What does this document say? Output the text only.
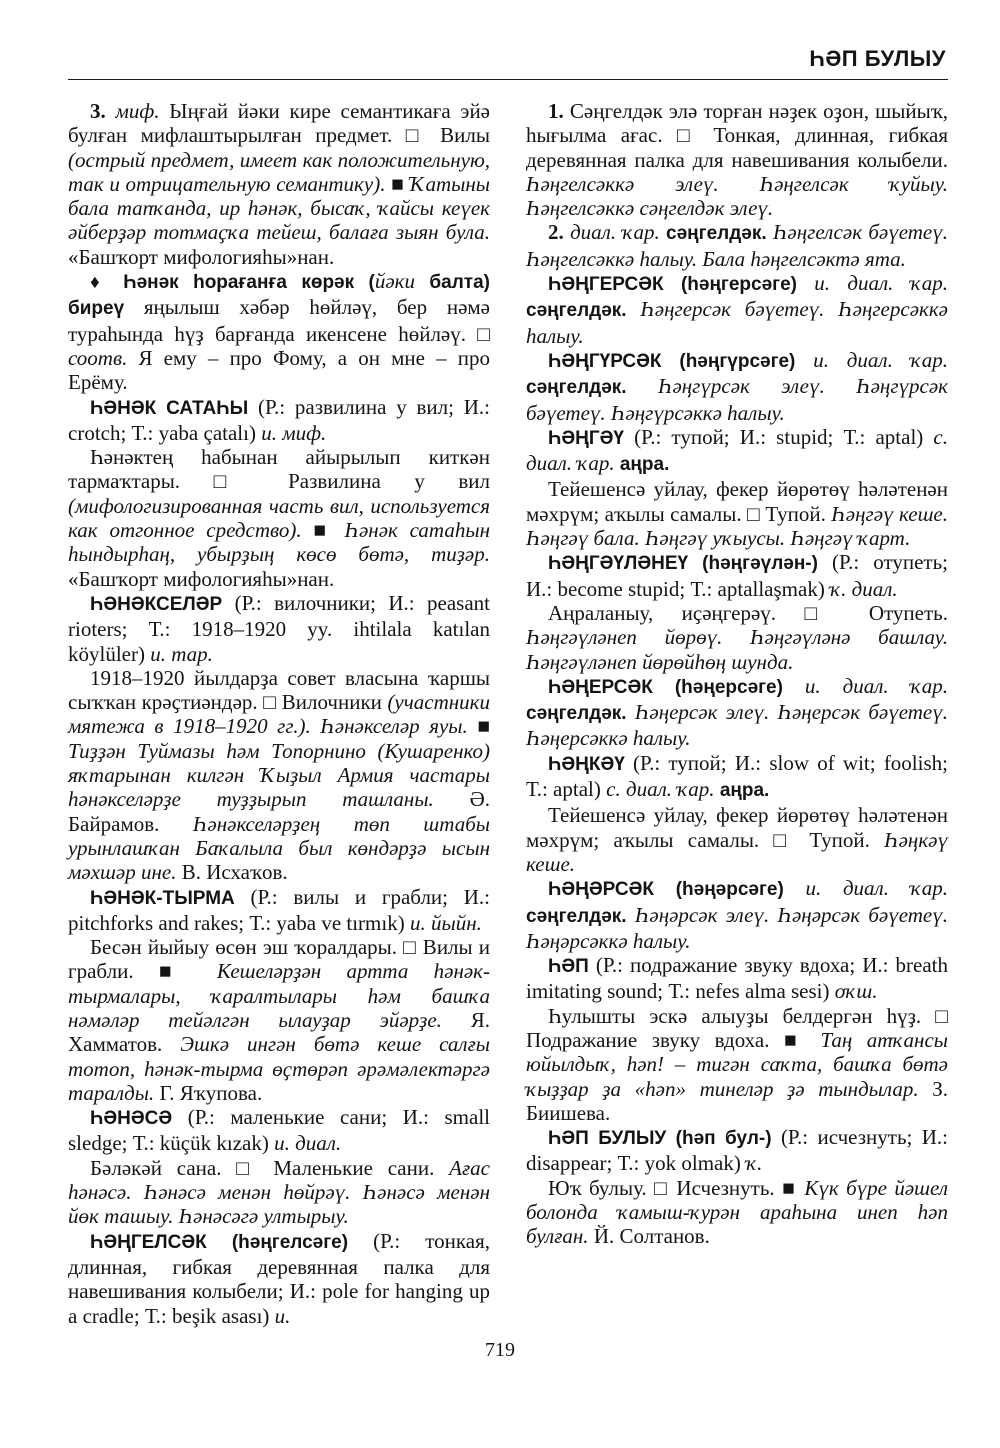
ҺӘП БУЛЫУ

3. миф. Ыңғай йәки кире семантикаға эйә булған мифлаштырылған предмет. □ Вилы (острый предмет, имеет как положительную, так и отрицательную семантику). ■ Ҡатыны бала тапҡанда, ир һәнәк, бысаҡ, ҡайсы кеүек әйберҙәр тотмаҫҡа тейеш, балаға зыян була. «Башҡорт мифологияһы»нан.

♦ Һәнәк һорағанға көрәк (йәки балта) биреү яңылыш хәбәр һөйләү, бер нәмә тураһында һүҙ барғанда икенсене һөйләү. □ соотв. Я ему – про Фому, а он мне – про Ерёму.

ҺӘНӘК САТАҺЫ (Р.: развилина у вил; И.: crotch; Т.: yaba çatalı) и. миф.

Һәнәктең һабынан айырылып киткән тармаҡтары. □ Развилина у вил (мифологизированная часть вил, используется как отгонное средство). ■ Һәнәк сатаһын һындырһаң, убырҙың көсө бөтә, тиҙәр. «Башҡорт мифологияһы»нан.

ҺӘНӘКСЕЛӘР (Р.: вилочники; И.: peasant rioters; Т.: 1918–1920 yy. ihtilala katılan köylüler) и. тар.

1918–1920 йылдарҙа совет власына ҡаршы сыҡҡан крәҫтиәндәр. □ Вилочники (участники мятежа в 1918–1920 гг.). Һәнәкселәр яуы. ■ Тиҙҙән Туймазы һәм Топорнино (Кушаренко) яҡтарынан килгән Ҡыҙыл Армия частары һәнәкселәрҙе туҙҙырып ташланы. Ә. Байрамов. Һәнәкселәрҙең төп штабы урынлашҡан Баҡалыла был көндәрҙә ысын мәхшәр ине. В. Исхаҡов.

ҺӘНӘК-ТЫРМА (Р.: вилы и грабли; И.: pitchforks and rakes; Т.: yaba ve tırmık) и. йыйн.

Бесән йыйыу өсөн эш ҡоралдары. □ Вилы и грабли. ■ Кешеләрҙән артта һәнәк-тырмалары, ҡаралтылары һәм башҡа нәмәләр тейәлгән ылауҙар эйәрҙе. Я. Хамматов. Эшкә ингән бөтә кеше салғы тотоп, һәнәк-тырма өҫтөрәп әрәмәлектәргә таралды. Г. Яҡупова.

ҺӘНӘСӘ (Р.: маленькие сани; И.: small sledge; Т.: küçük kızak) и. диал.

Бәләкәй сана. □ Маленькие сани. Ағас һәнәсә. Һәнәсә менән һөйрәү. Һәнәсә менән йөк ташыу. Һәнәсәгә ултырыу.

ҺӘҢГЕЛСӘК (һәңгелсәге) (Р.: тонкая, длинная, гибкая деревянная палка для навешивания колыбели; И.: pole for hanging up a cradle; Т.: beşik asası) и.

1. Сәңгелдәк элә торған нәҙек оҙон, шыйыҡ, һығылма ағас. □ Тонкая, длинная, гибкая деревянная палка для навешивания колыбели. Һәңгелсәккә элеү. Һәңгелсәк ҡуйыу. Һәңгелсәккә сәңгелдәк элеү.

2. диал. ҡар. сәңгелдәк. Һәңгелсәк бәүетеү. Һәңгелсәккә һалыу. Бала һәңгелсәктә ята.

ҺӘҢГЕРСӘК (һәңгерсәге) и. диал. ҡар. сәңгелдәк. Һәңгерсәк бәүетеү. Һәңгерсәккә һалыу.

ҺӘҢГҮРСӘК (һәңгүрсәге) и. диал. ҡар. сәңгелдәк. Һәңгүрсәк элеү. Һәңгүрсәк бәүетеү. Һәңгүрсәккә һалыу.

ҺӘҢГӘҮ (Р.: тупой; И.: stupid; Т.: aptal) с. диал. ҡар. аңра.

Тейешенсә уйлау, фекер йөрөтөү һәләтенән мәхрүм; аҡылы самалы. □ Тупой. Һәңгәү кеше. Һәңгәү бала. Һәңгәү уҡыусы. Һәңгәү ҡарт.

ҺӘҢГӘҮЛӘНЕҮ (һәңгәүлән-) (Р.: отупеть; И.: become stupid; Т.: aptallaşmak) ҡ. диал.

Аңраланыу, иҫәңгерәү. □ Отупеть. Һәңгәүләнеп йөрөү. Һәңгәүләнә башлау. Һәңгәүләнеп йөрөйһөң шунда.

ҺӘҢЕРСӘК (һәңерсәге) и. диал. ҡар. сәңгелдәк. Һәңерсәк элеү. Һәңерсәк бәүетеү. Һәңерсәккә һалыу.

ҺӘҢКӘҮ (Р.: тупой; И.: slow of wit; foolish; Т.: aptal) с. диал. ҡар. аңра.

Тейешенсә уйлау, фекер йөрөтөү һәләтенән мәхрүм; аҡылы самалы. □ Тупой. Һәңкәү кеше.

ҺӘҢӘРСӘК (һәңәрсәге) и. диал. ҡар. сәңгелдәк. Һәңәрсәк элеү. Һәңәрсәк бәүетеү. Һәңәрсәккә һалыу.

ҺӘП (Р.: подражание звуку вдоха; И.: breath imitating sound; Т.: nefes alma sesi) оҡш.

Һулышты эскә алыуҙы белдергән һүҙ. □ Подражание звуку вдоха. ■ Таң атҡансы юйылдыҡ, һәп! – тигән саҡта, башҡа бөтә ҡыҙҙар ҙа «һәп» тинеләр ҙә тындылар. З. Биишева.

ҺӘП БУЛЫУ (һәп бул-) (Р.: исчезнуть; И.: disappear; Т.: yok olmak) ҡ.

Юҡ булыу. □ Исчезнуть. ■ Күк бүре йәшел болонда ҡамыш-ҡурән араһына инеп һәп булған. Й. Солтанов.

719
